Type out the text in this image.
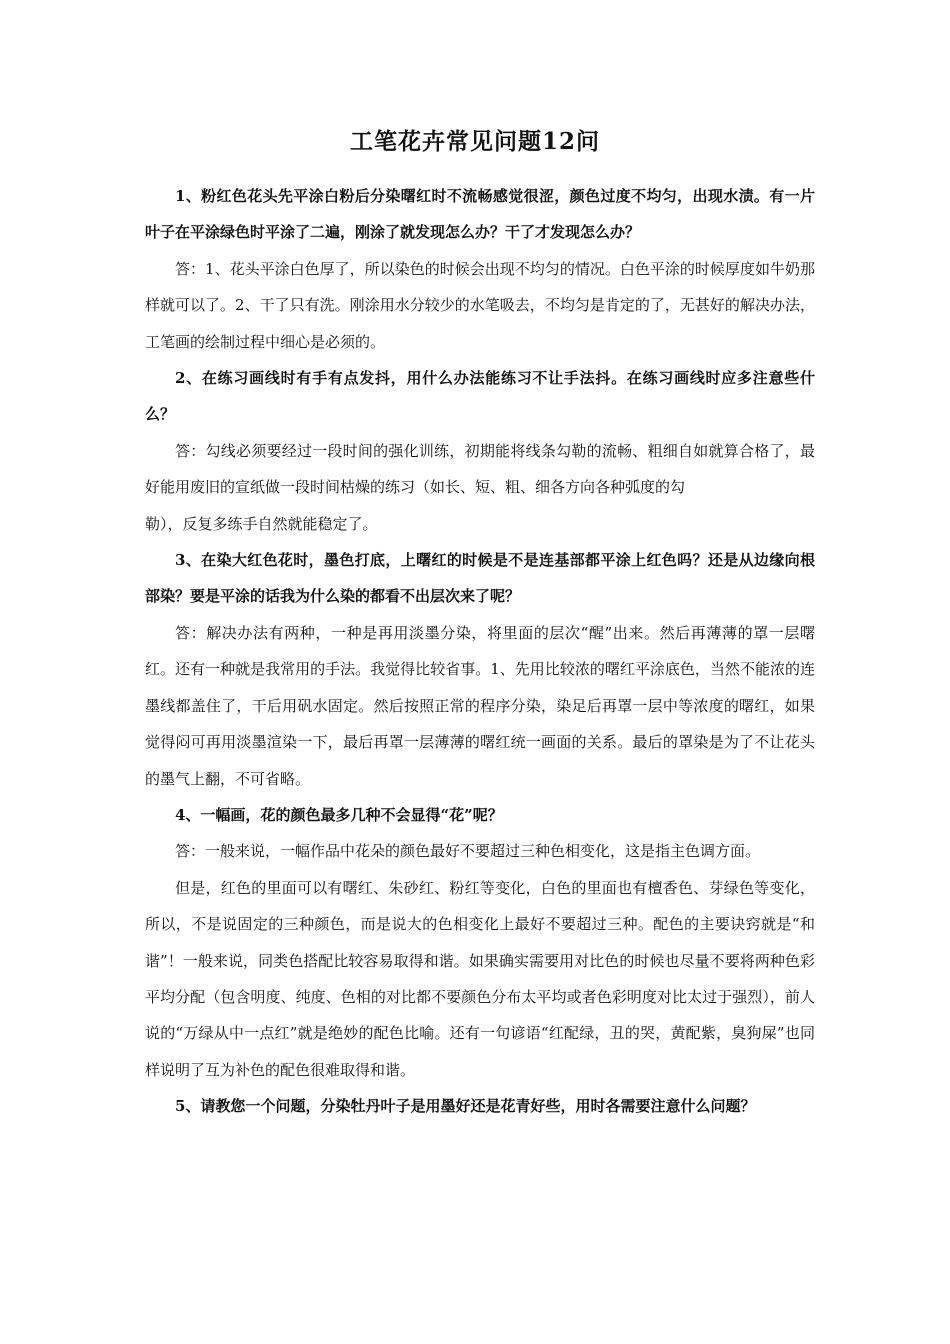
工笔花卉常见问题12问

1、粉红色花头先平涂白粉后分染曙红时不流畅感觉很涩，颜色过度不均匀，出现水渍。有一片叶子在平涂绿色时平涂了二遍，刚涂了就发现怎么办？干了才发现怎么办？

答：1、花头平涂白色厚了，所以染色的时候会出现不均匀的情况。白色平涂的时候厚度如牛奶那样就可以了。2、干了只有洗。刚涂用水分较少的水笔吸去，不均匀是肯定的了，无甚好的解决办法，工笔画的绘制过程中细心是必须的。

2、在练习画线时有手有点发抖，用什么办法能练习不让手法抖。在练习画线时应多注意些什么？

答：勾线必须要经过一段时间的强化训练，初期能将线条勾勒的流畅、粗细自如就算合格了，最好能用废旧的宣纸做一段时间枯燥的练习（如长、短、粗、细各方向各种弧度的勾

勒），反复多练手自然就能稳定了。

3、在染大红色花时，墨色打底，上曙红的时候是不是连基部都平涂上红色吗？还是从边缘向根部染？要是平涂的话我为什么染的都看不出层次来了呢？

答：解决办法有两种，一种是再用淡墨分染，将里面的层次“醒”出来。然后再薄薄的罩一层曙红。还有一种就是我常用的手法。我觉得比较省事。1、先用比较浓的曙红平涂底色，当然不能浓的连墨线都盖住了，干后用矾水固定。然后按照正常的程序分染，染足后再罩一层中等浓度的曙红，如果觉得闷可再用淡墨渲染一下，最后再罩一层薄薄的曙红统一画面的关系。最后的罩染是为了不让花头的墨气上翻，不可省略。

4、一幅画，花的颜色最多几种不会显得“花”呢？

答：一般来说，一幅作品中花朵的颜色最好不要超过三种色相变化，这是指主色调方面。

但是，红色的里面可以有曙红、朱砂红、粉红等变化，白色的里面也有檀香色、芽绿色等变化，所以，不是说固定的三种颜色，而是说大的色相变化上最好不要超过三种。配色的主要诀窍就是“和谐”！一般来说，同类色搭配比较容易取得和谐。如果确实需要用对比色的时候也尽量不要将两种色彩平均分配（包含明度、纯度、色相的对比都不要颜色分布太平均或者色彩明度对比太过于强烈），前人说的“万绿从中一点红”就是绝妙的配色比喻。还有一句谚语“红配绿，丑的哭，黄配紫，臭狗屎”也同样说明了互为补色的配色很难取得和谐。

5、请教您一个问题，分染牡丹叶子是用墨好还是花青好些，用时各需要注意什么问题？
